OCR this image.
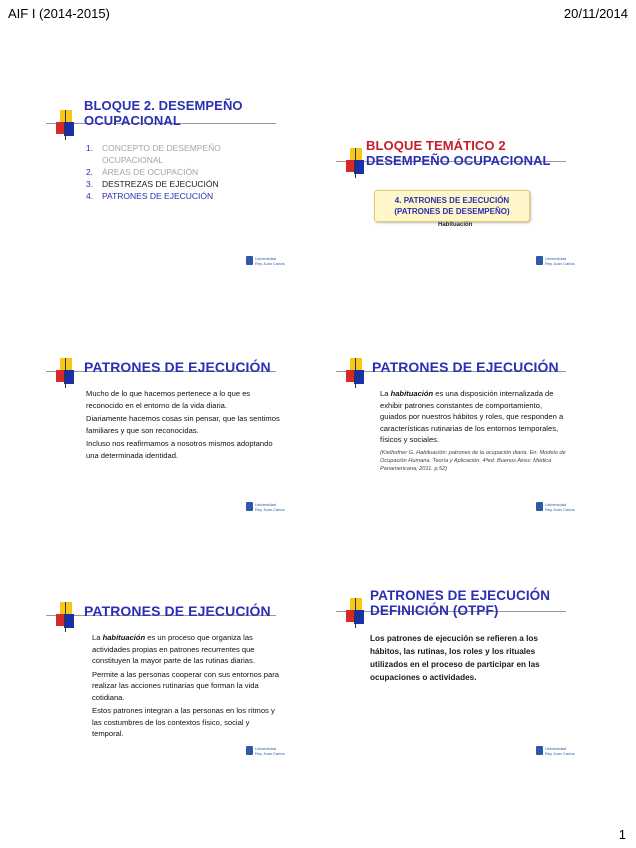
AIF I (2014-2015)	20/11/2014
BLOQUE 2. DESEMPEÑO
OCUPACIONAL
1.	CONCEPTO DE DESEMPEÑO
OCUPACIONAL
2.	ÁREAS DE OCUPACIÓN
3.	DESTREZAS DE EJECUCIÓN
4.	PATRONES DE EJECUCIÓN
Universidad
Rey Juan Carlos
BLOQUE TEMÁTICO 2
DESEMPEÑO OCUPACIONAL
4. PATRONES DE EJECUCIÓN
(PATRONES DE DESEMPEÑO)
Habituación
Universidad
Rey Juan Carlos
PATRONES DE EJECUCIÓN

Mucho de lo que hacemos pertenece a lo que es reconocido en el entorno de la vida diaria.

Diariamente hacemos cosas sin pensar, que las sentimos familiares y que son reconocidas.

Incluso nos reafirmamos a nosotros mismos adoptando una determinada identidad.

Universidad
Rey Juan Carlos
PATRONES DE EJECUCIÓN

La habituación es una disposición internalizada de exhibir patrones constantes de comportamiento, guiados por nuestros hábitos y roles, que responden a características rutinarias de los entornos temporales, físicos y sociales.

(Kielhofner G. Habituación: patrones de la ocupación diaria. En: Modelo de Ocupación Humana. Teoría y Aplicación. 4ªed. Buenos Aires: Médica Panamericana; 2011. p.52)
Universidad
Rey Juan Carlos
PATRONES DE EJECUCIÓN

La habituación es un proceso que organiza las actividades propias en patrones recurrentes que constituyen la mayor parte de las rutinas diarias.

Permite a las personas cooperar con sus entornos para realizar las acciones rutinarias que forman la vida cotidiana.

Estos patrones integran a las personas en los ritmos y las costumbres de los contextos físico, social y temporal.

Universidad
Rey Juan Carlos
PATRONES DE EJECUCIÓN
DEFINICIÓN (OTPF)
Los patrones de ejecución se refieren a los hábitos, las rutinas, los roles y los rituales utilizados en el proceso de participar en las ocupaciones o actividades.
Universidad
Rey Juan Carlos
1
